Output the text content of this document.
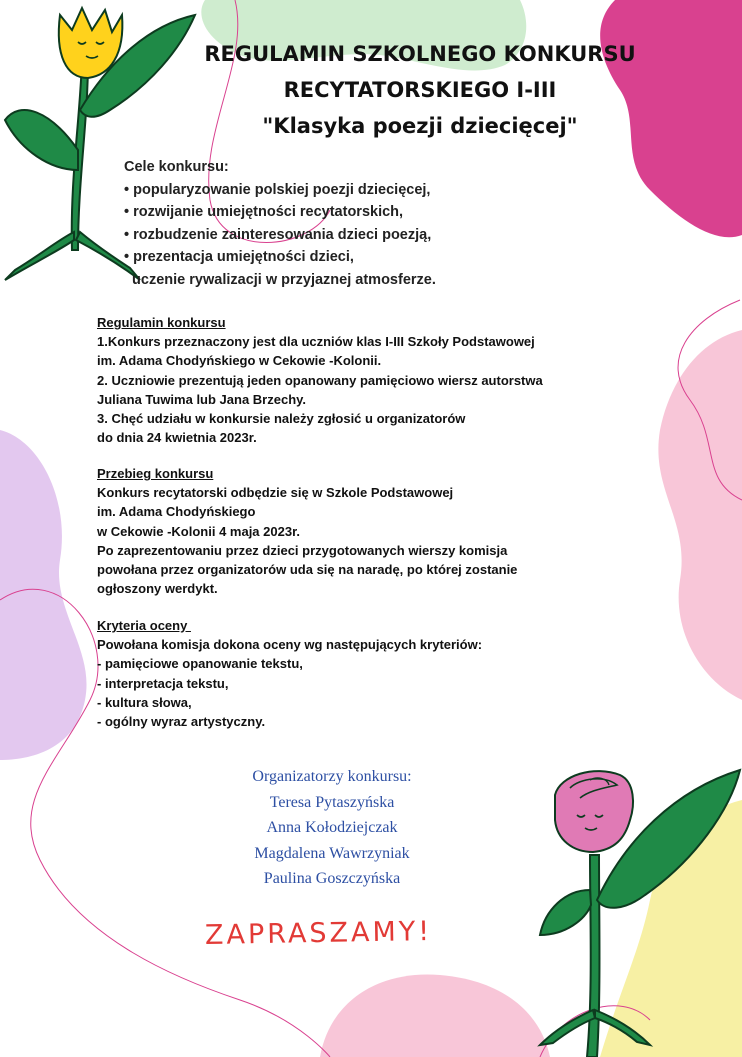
REGULAMIN SZKOLNEGO KONKURSU
RECYTATORSKIEGO I-III
"Klasyka poezji dziecięcej"
Cele konkursu:
• popularyzowanie polskiej poezji dziecięcej,
• rozwijanie umiejętności recytatorskich,
• rozbudzenie zainteresowania dzieci poezją,
• prezentacja umiejętności dzieci,
uczenie rywalizacji w przyjaznej atmosferze.
Regulamin konkursu
1.Konkurs przeznaczony jest dla uczniów klas I-III Szkoły Podstawowej
im. Adama Chodyńskiego w Cekowie -Kolonii.
2. Uczniowie prezentują jeden opanowany pamięciowo wiersz autorstwa
Juliana Tuwima lub Jana Brzechy.
3. Chęć udziału w konkursie należy zgłosić u organizatorów
do dnia 24 kwietnia 2023r.
Przebieg konkursu
Konkurs recytatorski odbędzie się w Szkole Podstawowej
im. Adama Chodyńskiego
w Cekowie -Kolonii 4 maja 2023r.
Po zaprezentowaniu przez dzieci przygotowanych wierszy komisja
powołana przez organizatorów uda się na naradę, po której zostanie
ogłoszony werdykt.
Kryteria oceny
Powołana komisja dokona oceny wg następujących kryteriów:
- pamięciowe opanowanie tekstu,
- interpretacja tekstu,
- kultura słowa,
- ogólny wyraz artystyczny.
Organizatorzy konkursu:
Teresa Pytaszyńska
Anna Kołodziejczak
Magdalena Wawrzyniak
Paulina Goszczyńska
ZAPRASZAMY!
